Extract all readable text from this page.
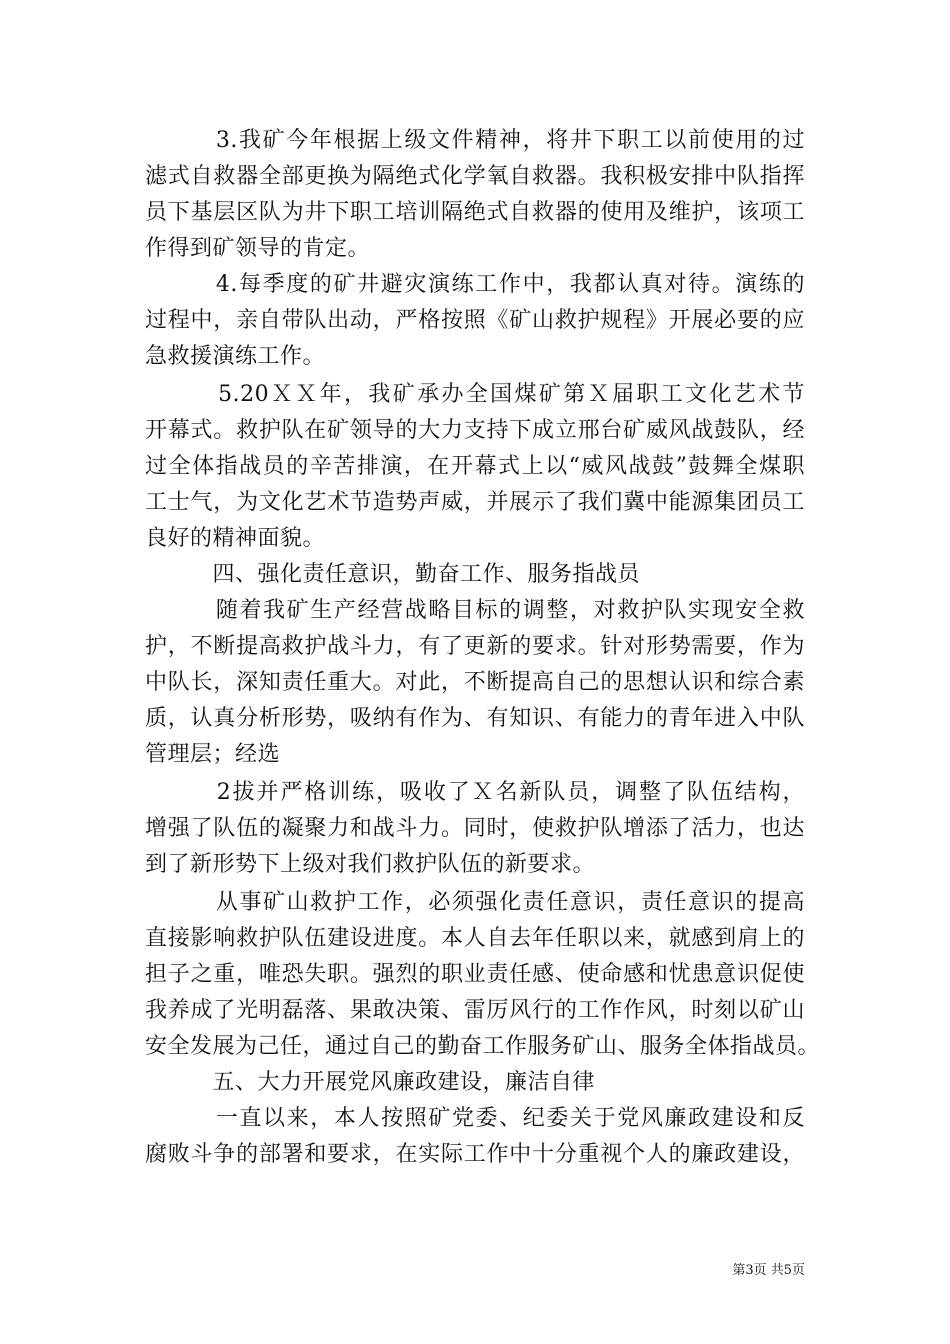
　　　3.我矿今年根据上级文件精神，将井下职工以前使用的过
滤式自救器全部更换为隔绝式化学氧自救器。我积极安排中队指挥
员下基层区队为井下职工培训隔绝式自救器的使用及维护，该项工
作得到矿领导的肯定。
　　　4.每季度的矿井避灾演练工作中，我都认真对待。演练的
过程中，亲自带队出动，严格按照《矿山救护规程》开展必要的应
急救援演练工作。
　　　5.20ＸＸ年，我矿承办全国煤矿第Ｘ届职工文化艺术节
开幕式。救护队在矿领导的大力支持下成立邢台矿威风战鼓队，经
过全体指战员的辛苦排演，在开幕式上以“威风战鼓”鼓舞全煤职
工士气，为文化艺术节造势声威，并展示了我们冀中能源集团员工
良好的精神面貌。
　　　四、强化责任意识，勤奋工作、服务指战员
　　　随着我矿生产经营战略目标的调整，对救护队实现安全救
护，不断提高救护战斗力，有了更新的要求。针对形势需要，作为
中队长，深知责任重大。对此，不断提高自己的思想认识和综合素
质，认真分析形势，吸纳有作为、有知识、有能力的青年进入中队
管理层；经选
　　　2拔并严格训练，吸收了Ｘ名新队员，调整了队伍结构，
增强了队伍的凝聚力和战斗力。同时，使救护队增添了活力，也达
到了新形势下上级对我们救护队伍的新要求。
　　　从事矿山救护工作，必须强化责任意识，责任意识的提高
直接影响救护队伍建设进度。本人自去年任职以来，就感到肩上的
担子之重，唯恐失职。强烈的职业责任感、使命感和忧患意识促使
我养成了光明磊落、果敢决策、雷厉风行的工作作风，时刻以矿山
安全发展为己任，通过自己的勤奋工作服务矿山、服务全体指战员。
　　　五、大力开展党风廉政建设，廉洁自律
　　　一直以来，本人按照矿党委、纪委关于党风廉政建设和反
腐败斗争的部署和要求，在实际工作中十分重视个人的廉政建设，
第3页 共5页
